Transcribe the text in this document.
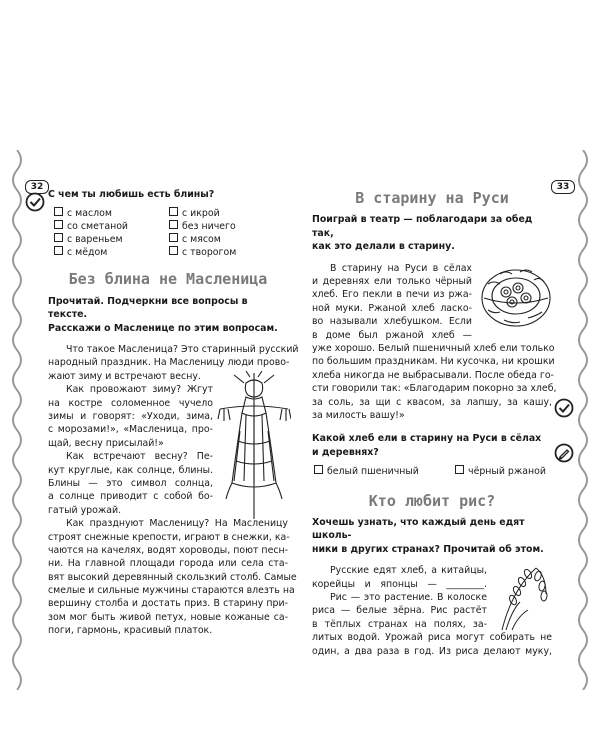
32	33

С чем ты любишь есть блины?

с маслом	с икрой
со сметаной	без ничего
с вареньем	с мясом
с мёдом	с творогом

Без блина не Масленица

Прочитай. Подчеркни все вопросы в тексте.

Расскажи о Масленице по этим вопросам.

Что такое Масленица? Это старинный русский
народный праздник. На Масленицу люди прово-
жают зиму и встречают весну.
Как провожают зиму? Жгут
на костре соломенное чучело
зимы и говорят: «Уходи, зима,
с морозами!», «Масленица, про-
щай, весну присылай!»
Как встречают весну? Пе-
кут круглые, как солнце, блины.
Блины — это символ солнца,
а солнце приводит с собой бо-
гатый урожай.
Как празднуют Масленицу? На Масленицу
строят снежные крепости, играют в снежки, ка-
чаются на качелях, водят хороводы, поют песн-
ни. На главной площади города или села ста-
вят высокий деревянный скользкий столб. Самые
смелые и сильные мужчины стараются влезть на
вершину столба и достать приз. В старину при-
зом мог быть живой петух, новые кожаные са-
поги, гармонь, красивый платок.

В старину на Руси

Поиграй в театр — поблагодари за обед так,

как это делали в старину.

В старину на Руси в сёлах
и деревнях ели только чёрный
хлеб. Его пекли в печи из ржа-
ной муки. Ржаной хлеб ласко-
во называли хлебушком. Если
в доме был ржаной хлеб —
уже хорошо. Белый пшеничный хлеб ели только
по большим праздникам. Ни кусочка, ни крошки
хлеба никогда не выбрасывали. После обеда го-
сти говорили так: «Благодарим покорно за хлеб,
за соль, за щи с квасом, за лапшу, за кашу,
за милость вашу!»

Какой хлеб ели в старину на Руси в сёлах

и деревнях?

белый пшеничный	чёрный ржаной

Кто любит рис?

Хочешь узнать, что каждый день едят школь-

ники в других странах? Прочитай об этом.

Русские едят хлеб, а китайцы,
корейцы и японцы — ________.
Рис — это растение. В колоске
риса — белые зёрна. Рис растёт
в тёплых странах на полях, за-
литых водой. Урожай риса могут собирать не
один, а два раза в год. Из риса делают муку,
